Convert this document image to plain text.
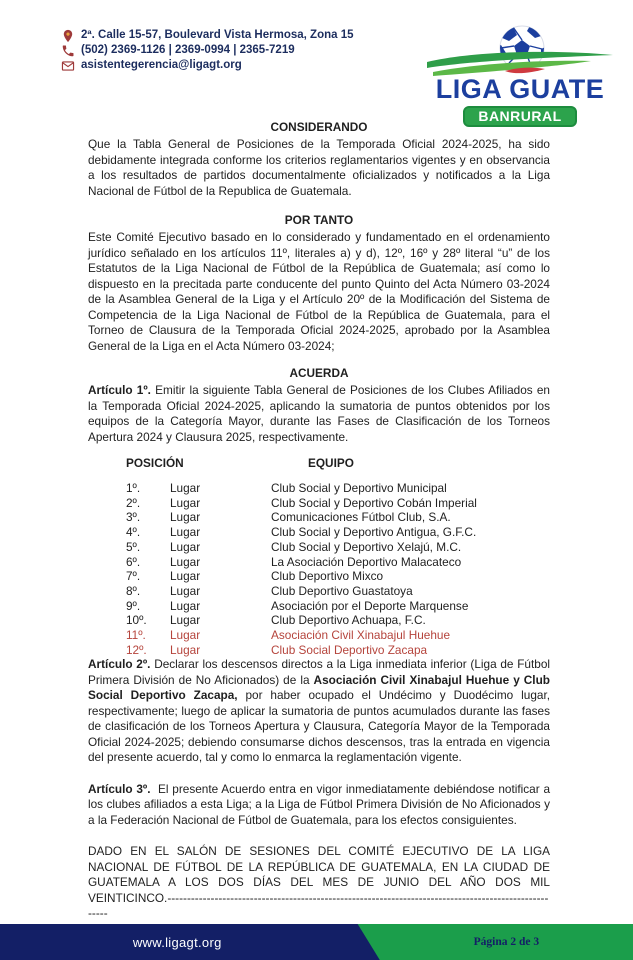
2ª. Calle 15-57, Boulevard Vista Hermosa, Zona 15
(502) 2369-1126 | 2369-0994 | 2365-7219
asistentegerencia@ligagt.org
LIGA GUATE
BANRURAL
CONSIDERANDO

Que la Tabla General de Posiciones de la Temporada Oficial 2024-2025, ha sido debidamente integrada conforme los criterios reglamentarios vigentes y en observancia a los resultados de partidos documentalmente oficializados y notificados a la Liga Nacional de Fútbol de la Republica de Guatemala.

POR TANTO

Este Comité Ejecutivo basado en lo considerado y fundamentado en el ordenamiento jurídico señalado en los artículos 11º, literales a) y d), 12º, 16º y 28º literal “u” de los Estatutos de la Liga Nacional de Fútbol de la República de Guatemala; así como lo dispuesto en la precitada parte conducente del punto Quinto del Acta Número 03-2024 de la Asamblea General de la Liga y el Artículo 20º de la Modificación del Sistema de Competencia de la Liga Nacional de Fútbol de la República de Guatemala, para el Torneo de Clausura de la Temporada Oficial 2024-2025, aprobado por la Asamblea General de la Liga en el Acta Número 03-2024;

ACUERDA

Artículo 1º. Emitir la siguiente Tabla General de Posiciones de los Clubes Afiliados en la Temporada Oficial 2024-2025, aplicando la sumatoria de puntos obtenidos por los equipos de la Categoría Mayor, durante las Fases de Clasificación de los Torneos Apertura 2024 y Clausura 2025, respectivamente.

POSICIÓN	EQUIPO
1º.	Lugar	Club Social y Deportivo Municipal
2º.	Lugar	Club Social y Deportivo Cobán Imperial
3º.	Lugar	Comunicaciones Fútbol Club, S.A.
4º.	Lugar	Club Social y Deportivo Antigua, G.F.C.
5º.	Lugar	Club Social y Deportivo Xelajú, M.C.
6º.	Lugar	La Asociación Deportivo Malacateco
7º.	Lugar	Club Deportivo Mixco
8º.	Lugar	Club Deportivo Guastatoya
9º.	Lugar	Asociación por el Deporte Marquense
10º.	Lugar	Club Deportivo Achuapa, F.C.
11º.	Lugar	Asociación Civil Xinabajul Huehue
12º.	Lugar	Club Social Deportivo Zacapa

Artículo 2º. Declarar los descensos directos a la Liga inmediata inferior (Liga de Fútbol Primera División de No Aficionados) de la Asociación Civil Xinabajul Huehue y Club Social Deportivo Zacapa, por haber ocupado el Undécimo y Duodécimo lugar, respectivamente; luego de aplicar la sumatoria de puntos acumulados durante las fases de clasificación de los Torneos Apertura y Clausura, Categoría Mayor de la Temporada Oficial 2024-2025; debiendo consumarse dichos descensos, tras la entrada en vigencia del presente acuerdo, tal y como lo enmarca la reglamentación vigente.

Artículo 3º. El presente Acuerdo entra en vigor inmediatamente debiéndose notificar a los clubes afiliados a esta Liga; a la Liga de Fútbol Primera División de No Aficionados y a la Federación Nacional de Fútbol de Guatemala, para los efectos consiguientes.

DADO EN EL SALÓN DE SESIONES DEL COMITÉ EJECUTIVO DE LA LIGA NACIONAL DE FÚTBOL DE LA REPÚBLICA DE GUATEMALA, EN LA CIUDAD DE GUATEMALA A LOS DOS DÍAS DEL MES DE JUNIO DEL AÑO DOS MIL VEINTICINCO.------------------------------------------------------------------------------------------------------

www.ligagt.org	Página 2 de 3
